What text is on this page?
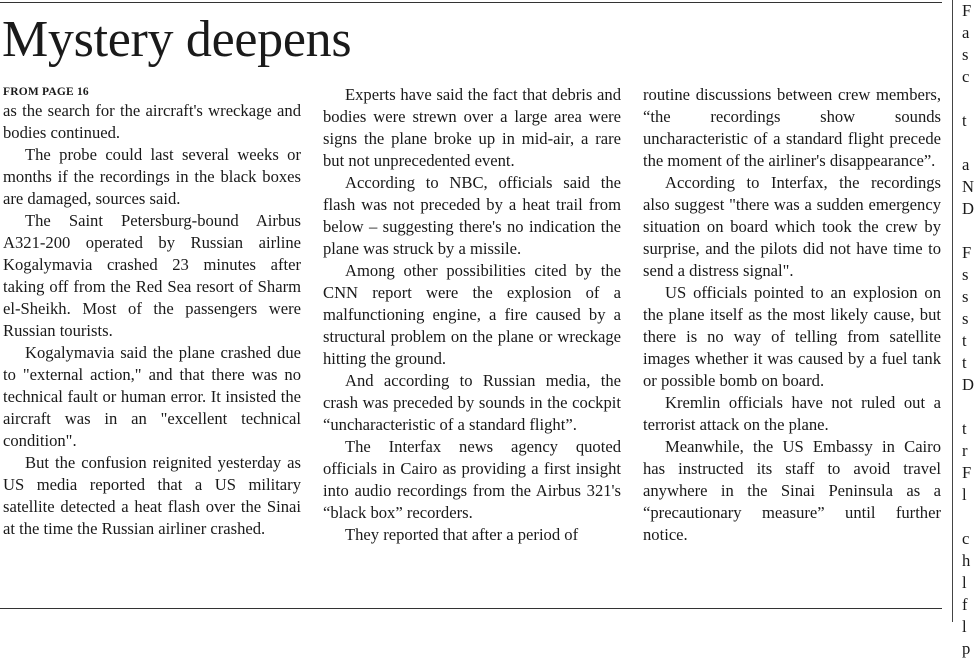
Mystery deepens

FROM PAGE 16

as the search for the aircraft's wreckage and bodies continued.

The probe could last several weeks or months if the recordings in the black boxes are damaged, sources said.

The Saint Petersburg-bound Airbus A321-200 operated by Russian airline Kogalymavia crashed 23 minutes after taking off from the Red Sea resort of Sharm el-Sheikh. Most of the passengers were Russian tourists.

Kogalymavia said the plane crashed due to "external action," and that there was no technical fault or human error. It insisted the aircraft was in an "excellent technical condition".

But the confusion reignited yesterday as US media reported that a US military satellite detected a heat flash over the Sinai at the time the Russian airliner crashed.

Experts have said the fact that debris and bodies were strewn over a large area were signs the plane broke up in mid-air, a rare but not unprecedented event.

According to NBC, officials said the flash was not preceded by a heat trail from below – suggesting there's no indication the plane was struck by a missile.

Among other possibilities cited by the CNN report were the explosion of a malfunctioning engine, a fire caused by a structural problem on the plane or wreckage hitting the ground.

And according to Russian media, the crash was preceded by sounds in the cockpit “uncharacteristic of a standard flight”.

The Interfax news agency quoted officials in Cairo as providing a first insight into audio recordings from the Airbus 321's “black box” recorders.

They reported that after a period of

routine discussions between crew members, “the recordings show sounds uncharacteristic of a standard flight precede the moment of the airliner's disappearance”.

According to Interfax, the recordings also suggest "there was a sudden emergency situation on board which took the crew by surprise, and the pilots did not have time to send a distress signal".

US officials pointed to an explosion on the plane itself as the most likely cause, but there is no way of telling from satellite images whether it was caused by a fuel tank or possible bomb on board.

Kremlin officials have not ruled out a terrorist attack on the plane.

Meanwhile, the US Embassy in Cairo has instructed its staff to avoid travel anywhere in the Sinai Peninsula as a “precautionary measure” until further notice.

F
a
s
c
t
a
N
D
F
s
s
s
t
t
D
t
r
F
l
c
h
l
f
l
p
